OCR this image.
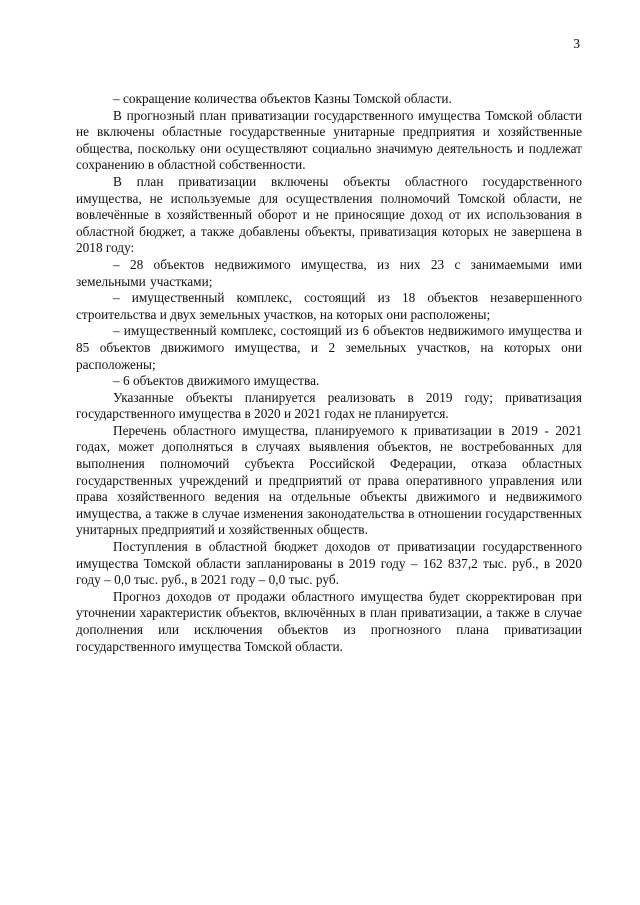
3

– сокращение количества объектов Казны Томской области.

В прогнозный план приватизации государственного имущества Томской области не включены областные государственные унитарные предприятия и хозяйственные общества, поскольку они осуществляют социально значимую деятельность и подлежат сохранению в областной собственности.

В план приватизации включены объекты областного государственного имущества, не используемые для осуществления полномочий Томской области, не вовлечённые в хозяйственный оборот и не приносящие доход от их использования в областной бюджет, а также добавлены объекты, приватизация которых не завершена в 2018 году:

– 28 объектов недвижимого имущества, из них 23 с занимаемыми ими земельными участками;

– имущественный комплекс, состоящий из 18 объектов незавершенного строительства и двух земельных участков, на которых они расположены;

– имущественный комплекс, состоящий из 6 объектов недвижимого имущества и 85 объектов движимого имущества, и 2 земельных участков, на которых они расположены;

– 6 объектов движимого имущества.

Указанные объекты планируется реализовать в 2019 году; приватизация государственного имущества в 2020 и 2021 годах не планируется.

Перечень областного имущества, планируемого к приватизации в 2019 - 2021 годах, может дополняться в случаях выявления объектов, не востребованных для выполнения полномочий субъекта Российской Федерации, отказа областных государственных учреждений и предприятий от права оперативного управления или права хозяйственного ведения на отдельные объекты движимого и недвижимого имущества, а также в случае изменения законодательства в отношении государственных унитарных предприятий и хозяйственных обществ.

Поступления в областной бюджет доходов от приватизации государственного имущества Томской области запланированы в 2019 году – 162 837,2 тыс. руб., в 2020 году – 0,0 тыс. руб., в 2021 году – 0,0 тыс. руб.

Прогноз доходов от продажи областного имущества будет скорректирован при уточнении характеристик объектов, включённых в план приватизации, а также в случае дополнения или исключения объектов из прогнозного плана приватизации государственного имущества Томской области.
